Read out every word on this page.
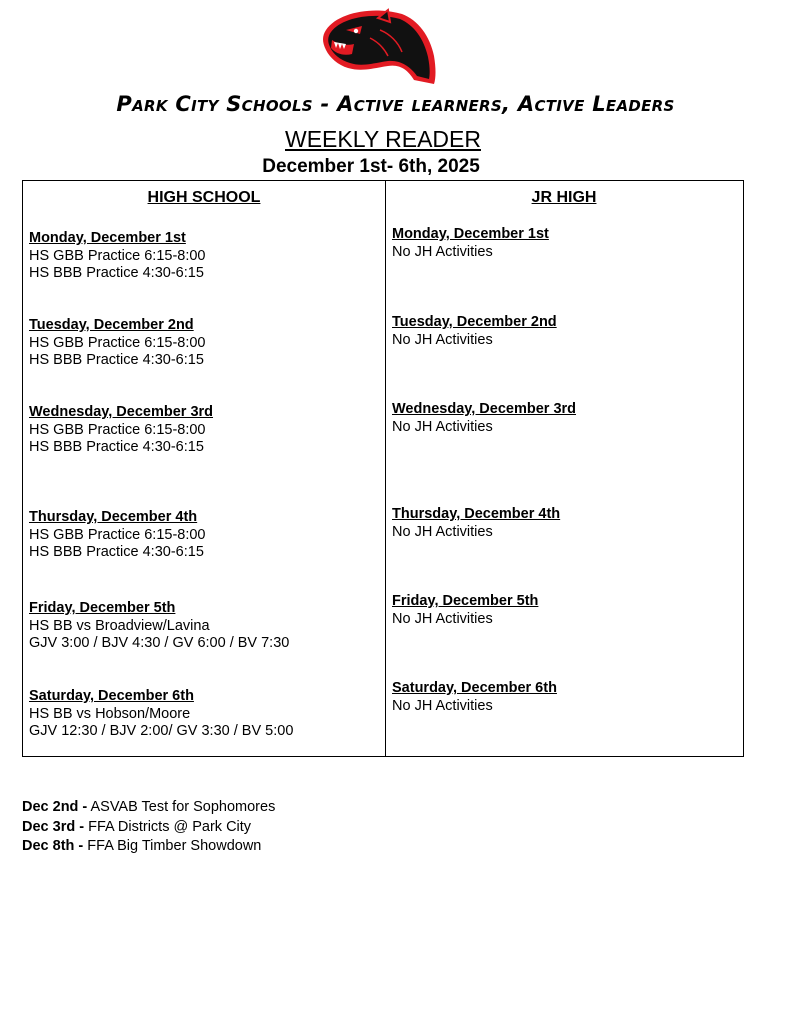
Park City Schools - Active learners, Active Leaders
WEEKLY READER
December 1st- 6th, 2025
HIGH SCHOOL
Monday, December 1st
HS GBB Practice 6:15-8:00
HS BBB Practice 4:30-6:15
Tuesday, December 2nd
HS GBB Practice 6:15-8:00
HS BBB Practice 4:30-6:15
Wednesday, December 3rd
HS GBB Practice 6:15-8:00
HS BBB Practice 4:30-6:15
Thursday, December 4th
HS GBB Practice 6:15-8:00
HS BBB Practice 4:30-6:15
Friday, December 5th
HS BB vs Broadview/Lavina
GJV 3:00 / BJV 4:30 / GV 6:00 / BV 7:30
Saturday, December 6th
HS BB vs Hobson/Moore
GJV 12:30 / BJV 2:00/ GV 3:30 / BV 5:00
JR HIGH
Monday, December 1st
No JH Activities
Tuesday, December 2nd
No JH Activities
Wednesday, December 3rd
No JH Activities
Thursday, December 4th
No JH Activities
Friday, December 5th
No JH Activities
Saturday, December 6th
No JH Activities
Dec 2nd - ASVAB Test for Sophomores
Dec 3rd - FFA Districts @ Park City
Dec 8th - FFA Big Timber Showdown
